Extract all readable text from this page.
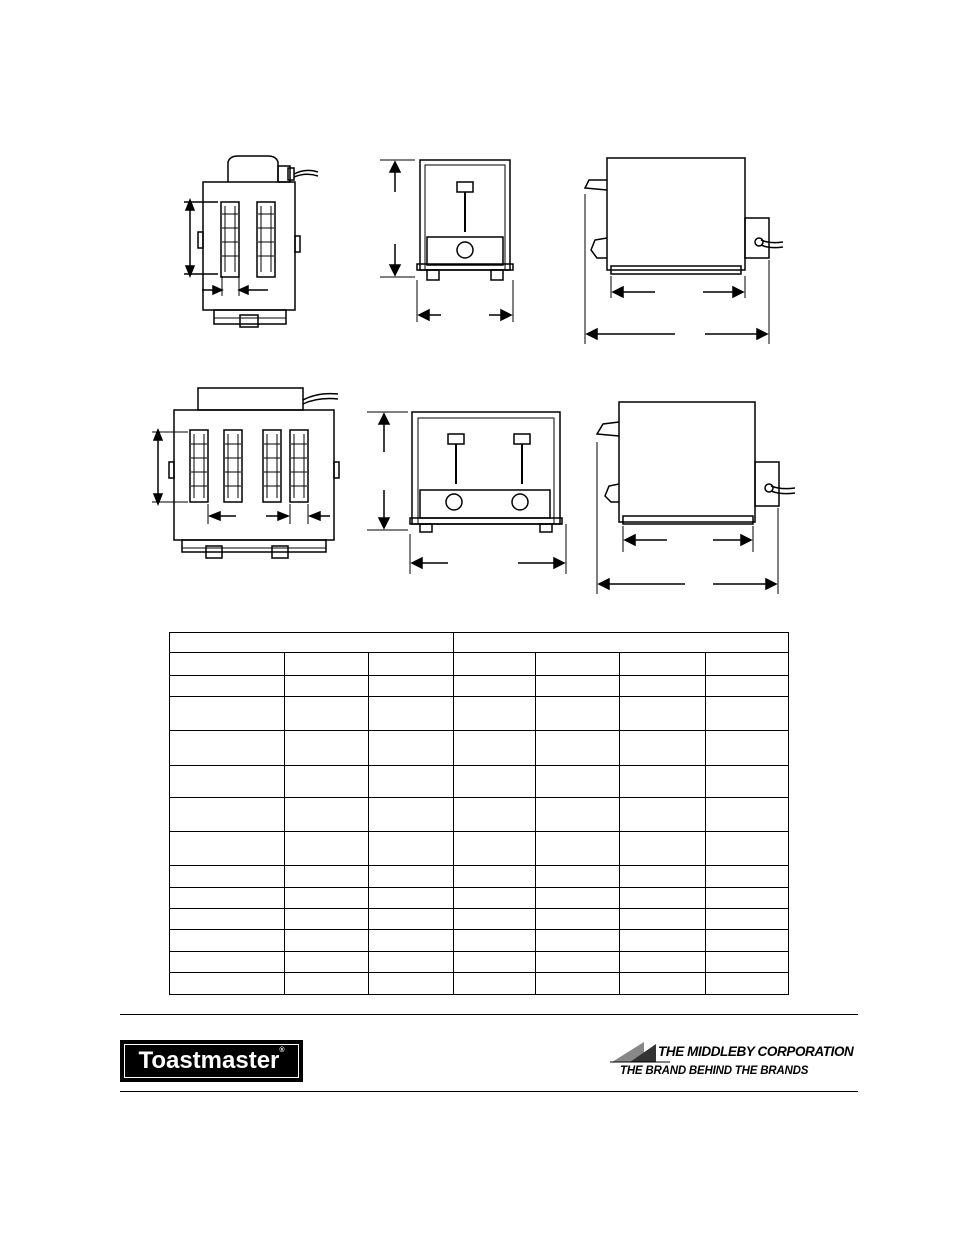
Toastmaster®	THE MIDDLEBY CORPORATION
THE BRAND BEHIND THE BRANDS
